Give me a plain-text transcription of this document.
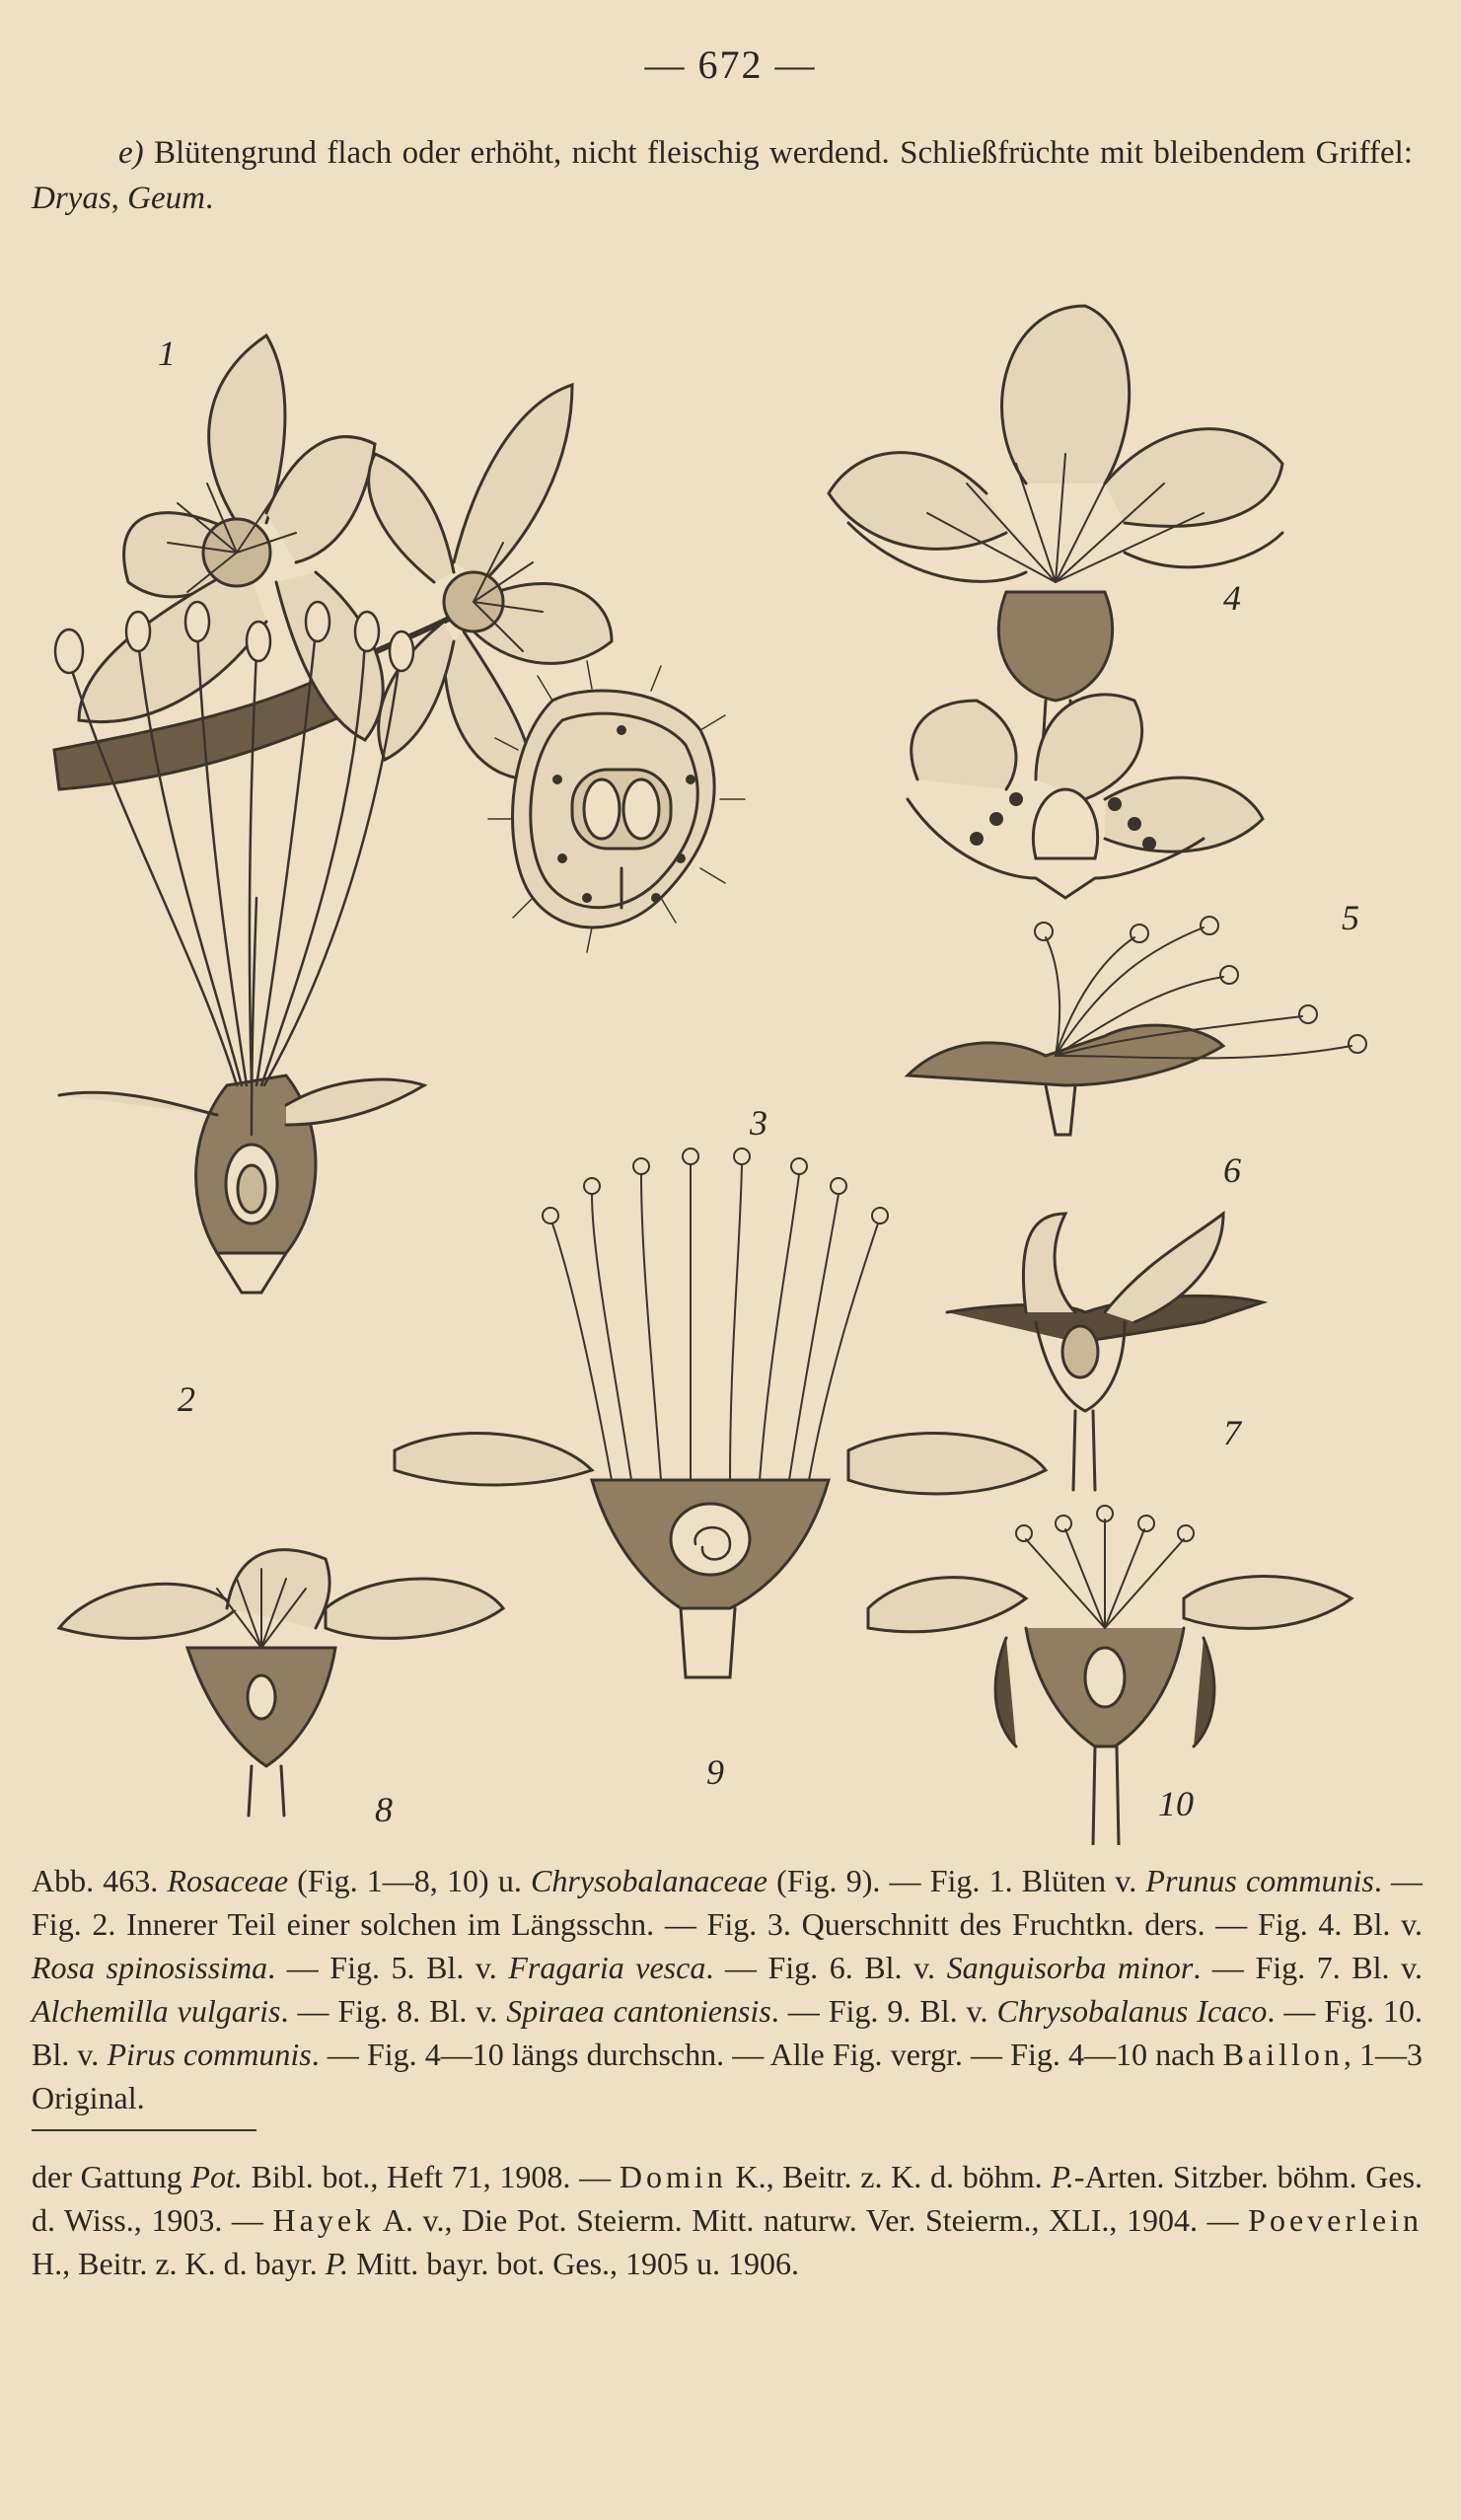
— 672 —
e) Blütengrund flach oder erhöht, nicht fleischig werdend. Schließfrüchte mit bleibendem Griffel: Dryas, Geum.
1
2
3
4
5
6
7
8
9
10
Abb. 463. Rosaceae (Fig. 1—8, 10) u. Chrysobalanaceae (Fig. 9). — Fig. 1. Blüten v. Prunus communis. — Fig. 2. Innerer Teil einer solchen im Längsschn. — Fig. 3. Querschnitt des Fruchtkn. ders. — Fig. 4. Bl. v. Rosa spinosissima. — Fig. 5. Bl. v. Fragaria vesca. — Fig. 6. Bl. v. Sanguisorba minor. — Fig. 7. Bl. v. Alchemilla vulgaris. — Fig. 8. Bl. v. Spiraea cantoniensis. — Fig. 9. Bl. v. Chrysobalanus Icaco. — Fig. 10. Bl. v. Pirus communis. — Fig. 4—10 längs durchschn. — Alle Fig. vergr. — Fig. 4—10 nach Baillon, 1—3 Original.
der Gattung Pot. Bibl. bot., Heft 71, 1908. — Domin K., Beitr. z. K. d. böhm. P.-Arten. Sitzber. böhm. Ges. d. Wiss., 1903. — Hayek A. v., Die Pot. Steierm. Mitt. naturw. Ver. Steierm., XLI., 1904. — Poeverlein H., Beitr. z. K. d. bayr. P. Mitt. bayr. bot. Ges., 1905 u. 1906.
